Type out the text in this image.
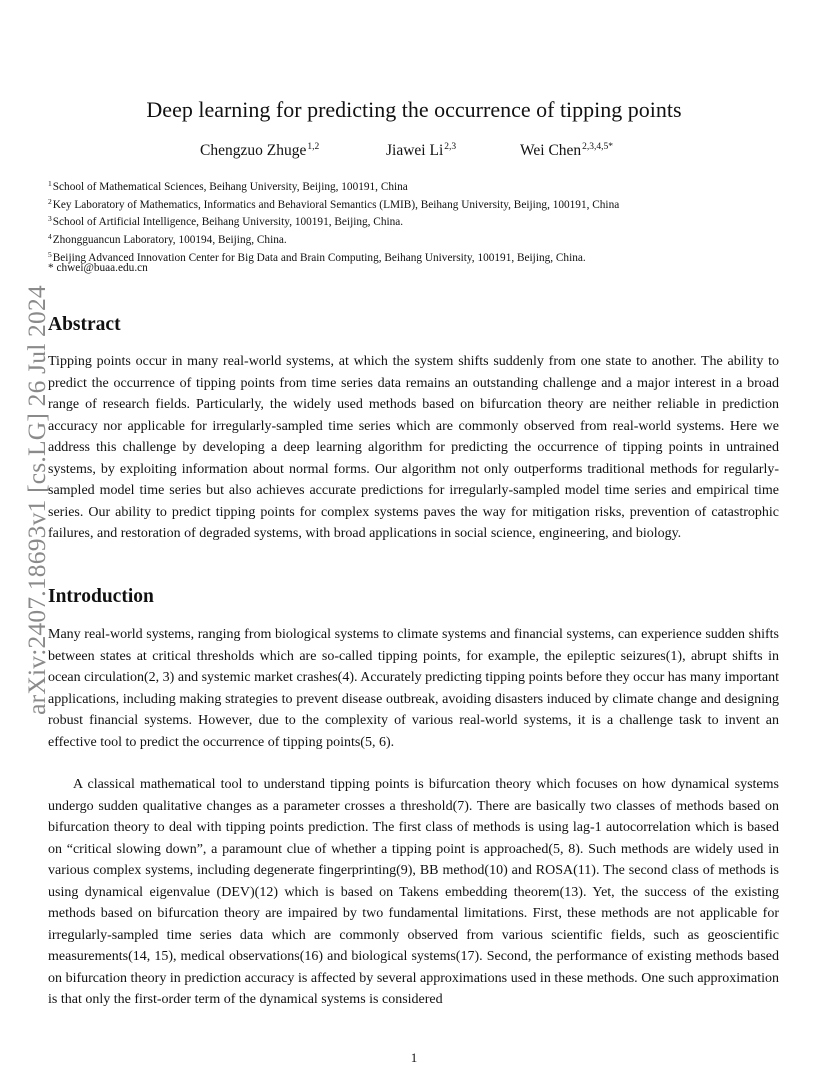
arXiv:2407.18693v1 [cs.LG] 26 Jul 2024
Deep learning for predicting the occurrence of tipping points
Chengzuo Zhuge$^{1,2}$	Jiawei Li$^{2,3}$	Wei Chen$^{2,3,4,5*}$
$^1$School of Mathematical Sciences, Beihang University, Beijing, 100191, China
$^2$Key Laboratory of Mathematics, Informatics and Behavioral Semantics (LMIB), Beihang University, Beijing, 100191, China
$^3$School of Artificial Intelligence, Beihang University, 100191, Beijing, China.
$^4$Zhongguancun Laboratory, 100194, Beijing, China.
$^5$Beijing Advanced Innovation Center for Big Data and Brain Computing, Beihang University, 100191, Beijing, China.
* chwei@buaa.edu.cn
Abstract

Tipping points occur in many real-world systems, at which the system shifts suddenly from one state to another. The ability to predict the occurrence of tipping points from time series data remains an outstanding challenge and a major interest in a broad range of research fields. Particularly, the widely used methods based on bifurcation theory are neither reliable in prediction accuracy nor applicable for irregularly-sampled time series which are commonly observed from real-world systems. Here we address this challenge by developing a deep learning algorithm for predicting the occurrence of tipping points in untrained systems, by exploiting information about normal forms. Our algorithm not only outperforms traditional methods for regularly-sampled model time series but also achieves accurate predictions for irregularly-sampled model time series and empirical time series. Our ability to predict tipping points for complex systems paves the way for mitigation risks, prevention of catastrophic failures, and restoration of degraded systems, with broad applications in social science, engineering, and biology.

Introduction

Many real-world systems, ranging from biological systems to climate systems and financial systems, can experience sudden shifts between states at critical thresholds which are so-called tipping points, for example, the epileptic seizures(1), abrupt shifts in ocean circulation(2, 3) and systemic market crashes(4). Accurately predicting tipping points before they occur has many important applications, including making strategies to prevent disease outbreak, avoiding disasters induced by climate change and designing robust financial systems. However, due to the complexity of various real-world systems, it is a challenge task to invent an effective tool to predict the occurrence of tipping points(5, 6).

A classical mathematical tool to understand tipping points is bifurcation theory which focuses on how dynamical systems undergo sudden qualitative changes as a parameter crosses a threshold(7). There are basically two classes of methods based on bifurcation theory to deal with tipping points prediction. The first class of methods is using lag-1 autocorrelation which is based on “critical slowing down”, a paramount clue of whether a tipping point is approached(5, 8). Such methods are widely used in various complex systems, including degenerate fingerprinting(9), BB method(10) and ROSA(11). The second class of methods is using dynamical eigenvalue (DEV)(12) which is based on Takens embedding theorem(13). Yet, the success of the existing methods based on bifurcation theory are impaired by two fundamental limitations. First, these methods are not applicable for irregularly-sampled time series data which are commonly observed from various scientific fields, such as geoscientific measurements(14, 15), medical observations(16) and biological systems(17). Second, the performance of existing methods based on bifurcation theory in prediction accuracy is affected by several approximations used in these methods. One such approximation is that only the first-order term of the dynamical systems is considered

1
